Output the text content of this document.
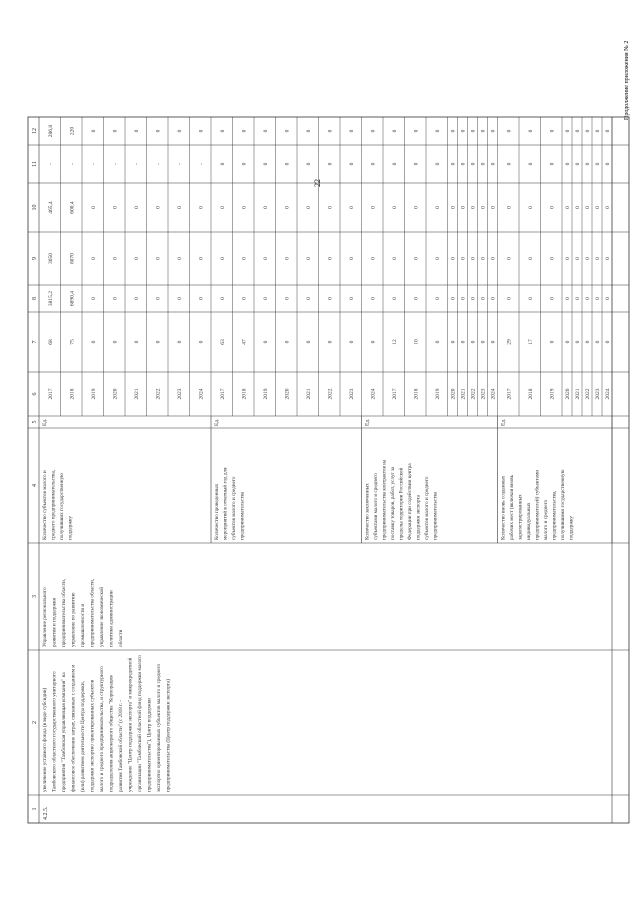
22
Продолжение приложения № 2
1
2
3
4
5
6
7
8
9
10
11
12
4.2.5.
увеличение уставного фонда (в виде субсидии) Тамбовского областного государственного унитарного предприятия "Тамбовская управляющая компания" на финансовое обеспечение затрат, связанных с созданием и (или) развитием деятельности Центра поддержки, поддержки экспортно ориентированных субъектов малого и среднего предпринимательства, и структурного подразделения акционерного общества "Корпорация развития Тамбовской области" (с 2018 г. - учреждение "Центр поддержки экспорта" и микрокредитной организации "Тамбовский областной фонд поддержки малого предпринимательства"), Центр поддержки экспортно ориентированных субъектов малого и среднего предпринимательства (Центр поддержки экспорта)
Управление регионального развития и поддержки предпринимательства области, управление по развитию промышленности и предпринимательства области, управление экономической политики администрации области
Количество субъектов малого и среднего предпринимательства, получивших государственную поддержку
Ед.
2017
68
3815,2
3050
465,4
-
286,8
2018
75
6890,4
8070
600,4
-
220
2019
0
0
0
0
-
0
2020
0
0
0
0
-
0
2021
0
0
0
0
-
0
2022
0
0
0
0
-
0
2023
0
0
0
0
-
0
2024
0
0
0
0
-
0
Количество проведенных мероприятий в отчетный год для субъектов малого и среднего предпринимательства
Ед.
2017
63
0
0
0
0
0
2018
47
0
0
0
0
0
2019
0
0
0
0
0
0
2020
0
0
0
0
0
0
2021
0
0
0
0
0
0
2022
0
0
0
0
0
0
2023
0
0
0
0
0
0
Количество заключенных субъектами малого и среднего предпринимательства контрактов на поставку товаров, работ, услуг за пределы территории Российской Федерации при содействии центра поддержки экспорта субъектов малого и среднего предпринимательства
Ед.
2024
0
0
0
0
0
0
2017
12
0
0
0
0
0
2018
10
0
0
0
0
0
2019
0
0
0
0
0
0
2020
0
0
0
0
0
0
2021
0
0
0
0
0
0
2022
0
0
0
0
0
0
2023
0
0
0
0
0
0
2024
0
0
0
0
0
0
Количество вновь созданных рабочих мест (включая вновь зарегистрированных индивидуальных предпринимателей) субъектами малого и среднего предпринимательства, получившими государственную поддержку
Ед.
2017
29
0
0
0
0
0
2018
17
0
0
0
0
0
2019
0
0
0
0
0
0
2020
0
0
0
0
0
0
2021
0
0
0
0
0
0
2022
0
0
0
0
0
0
2023
0
0
0
0
0
0
2024
0
0
0
0
0
0
